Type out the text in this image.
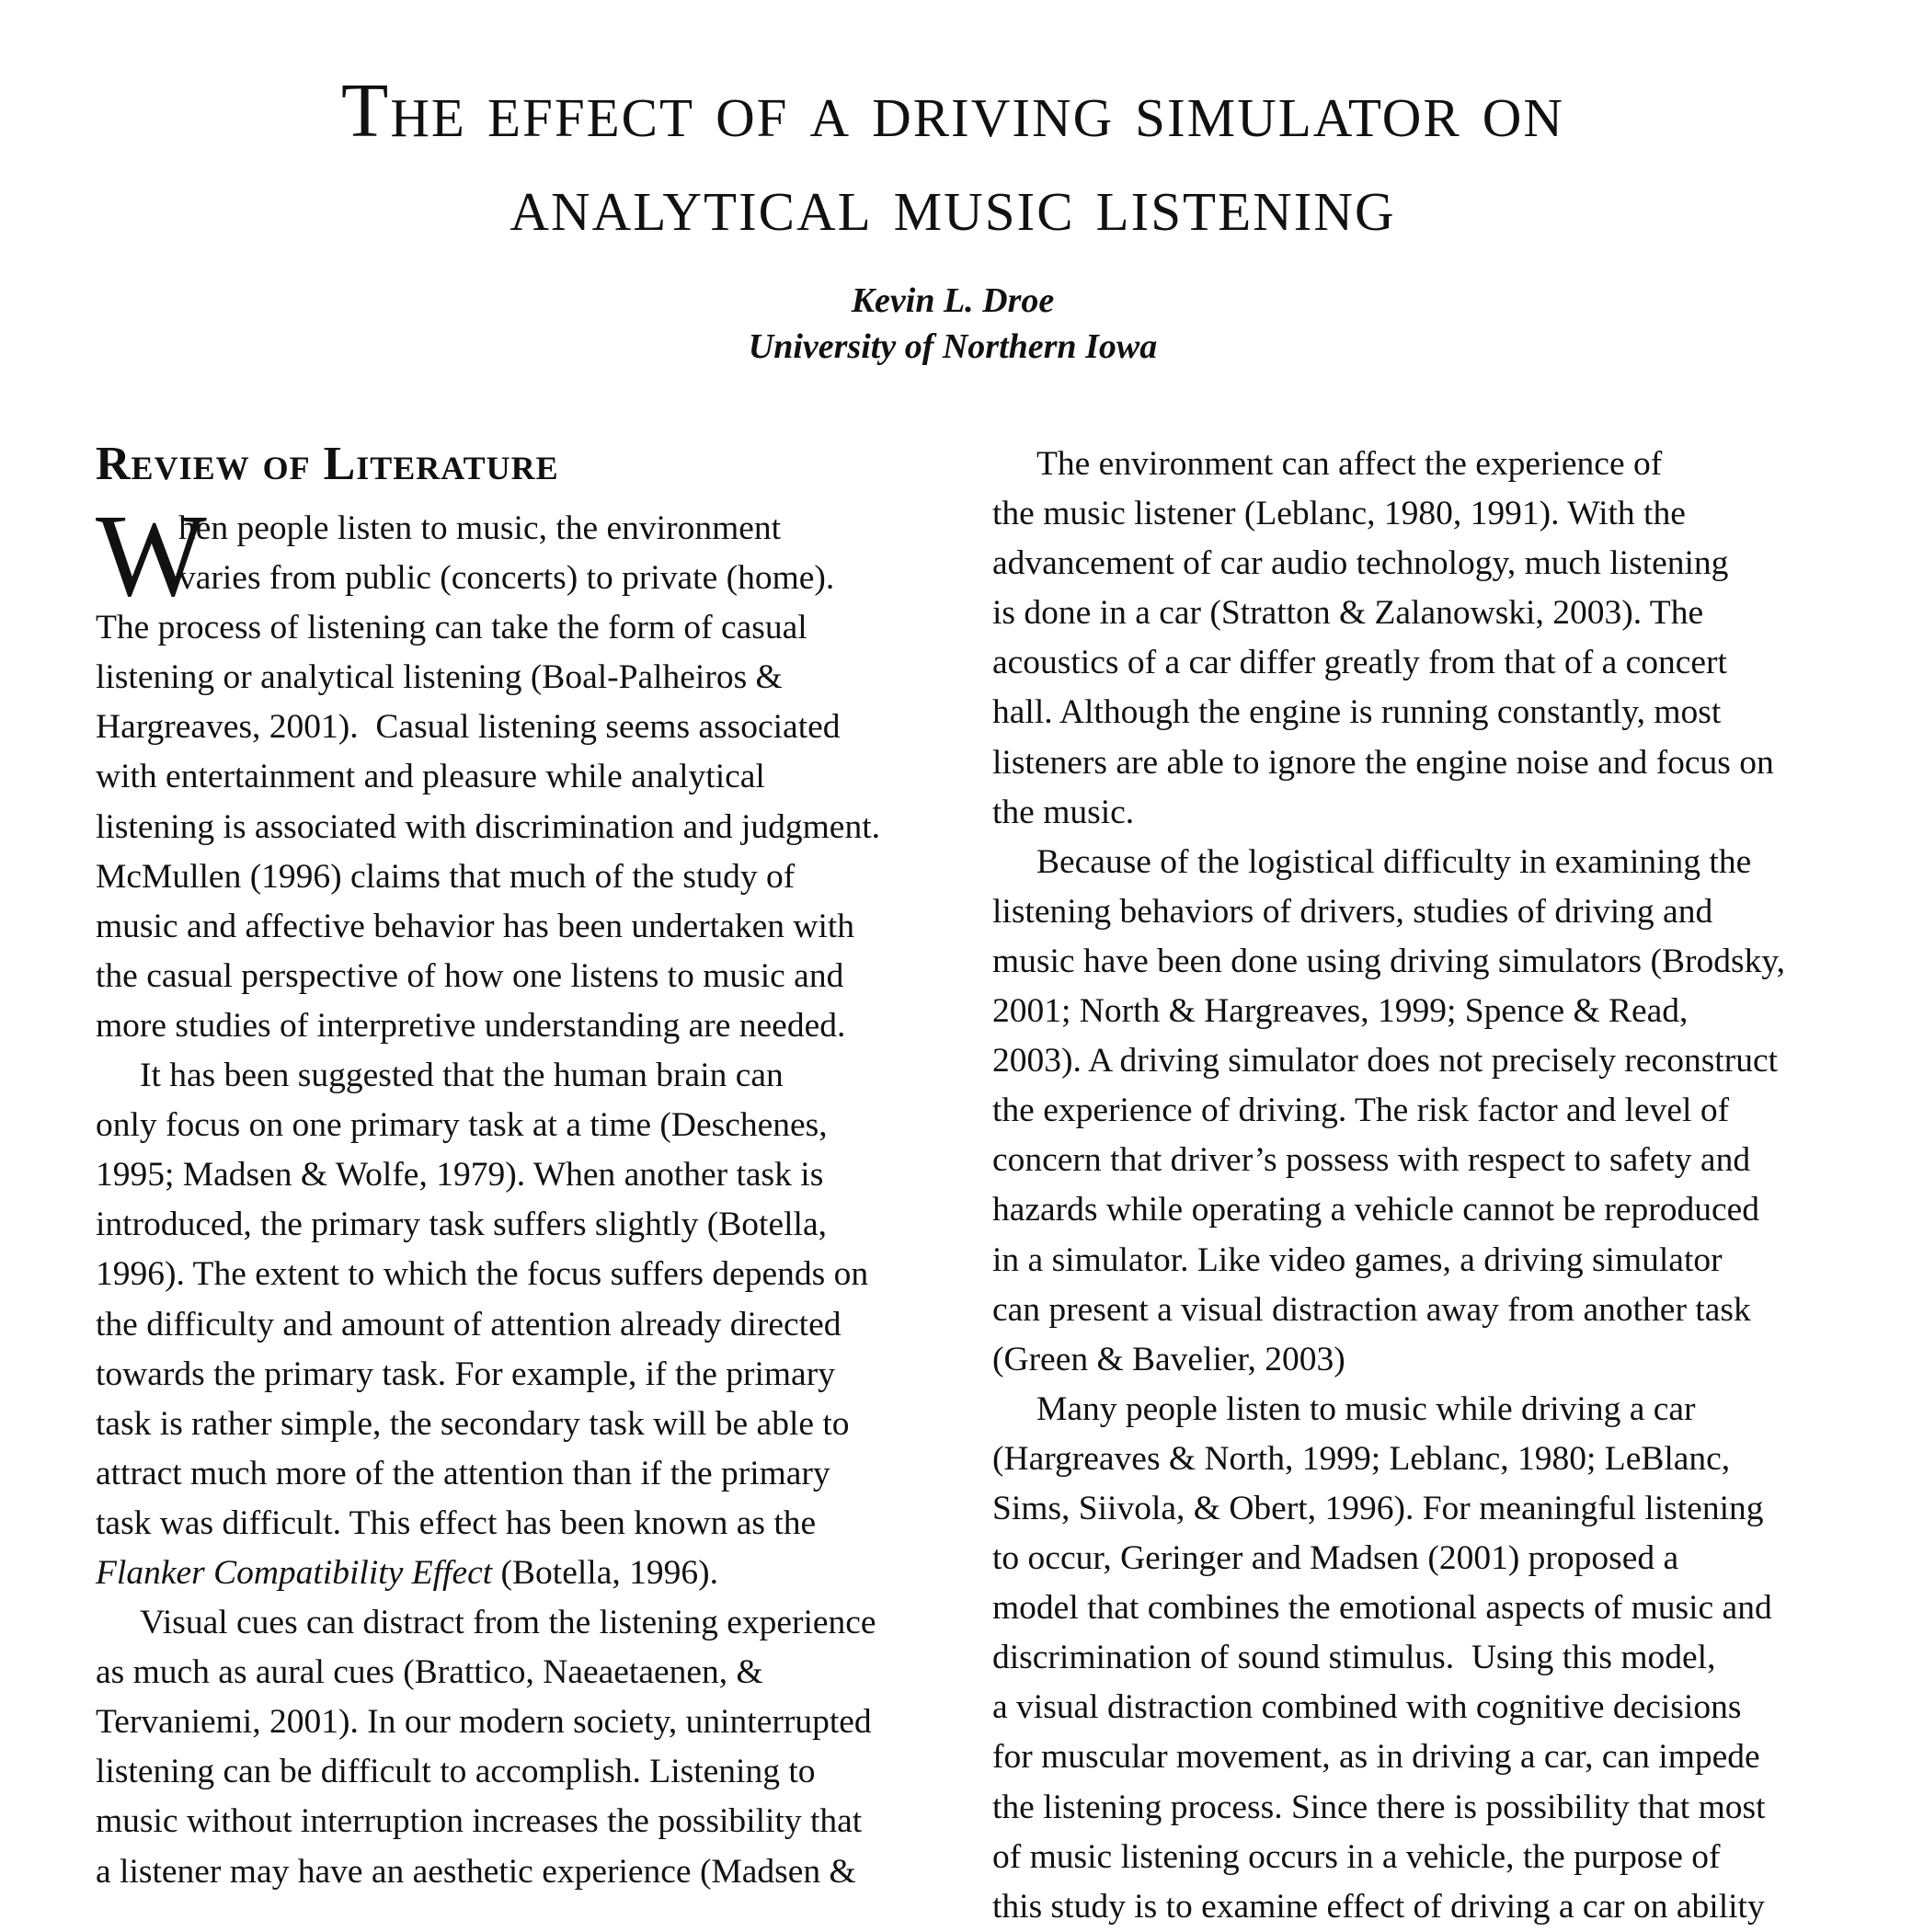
The effect of a driving simulator on
analytical music listening
Kevin L. Droe
University of Northern Iowa
Review of Literature
W
hen people listen to music, the environment
varies from public (concerts) to private (home).
The process of listening can take the form of casual
listening or analytical listening (Boal-Palheiros &
Hargreaves, 2001).  Casual listening seems associated
with entertainment and pleasure while analytical
listening is associated with discrimination and judgment.
McMullen (1996) claims that much of the study of
music and affective behavior has been undertaken with
the casual perspective of how one listens to music and
more studies of interpretive understanding are needed.
It has been suggested that the human brain can
only focus on one primary task at a time (Deschenes,
1995; Madsen & Wolfe, 1979). When another task is
introduced, the primary task suffers slightly (Botella,
1996). The extent to which the focus suffers depends on
the difficulty and amount of attention already directed
towards the primary task. For example, if the primary
task is rather simple, the secondary task will be able to
attract much more of the attention than if the primary
task was difficult. This effect has been known as the
Flanker Compatibility Effect (Botella, 1996).
Visual cues can distract from the listening experience
as much as aural cues (Brattico, Naeaetaenen, &
Tervaniemi, 2001). In our modern society, uninterrupted
listening can be difficult to accomplish. Listening to
music without interruption increases the possibility that
a listener may have an aesthetic experience (Madsen &
The environment can affect the experience of
the music listener (Leblanc, 1980, 1991). With the
advancement of car audio technology, much listening
is done in a car (Stratton & Zalanowski, 2003). The
acoustics of a car differ greatly from that of a concert
hall. Although the engine is running constantly, most
listeners are able to ignore the engine noise and focus on
the music.
Because of the logistical difficulty in examining the
listening behaviors of drivers, studies of driving and
music have been done using driving simulators (Brodsky,
2001; North & Hargreaves, 1999; Spence & Read,
2003). A driving simulator does not precisely reconstruct
the experience of driving. The risk factor and level of
concern that driver’s possess with respect to safety and
hazards while operating a vehicle cannot be reproduced
in a simulator. Like video games, a driving simulator
can present a visual distraction away from another task
(Green & Bavelier, 2003)
Many people listen to music while driving a car
(Hargreaves & North, 1999; Leblanc, 1980; LeBlanc,
Sims, Siivola, & Obert, 1996). For meaningful listening
to occur, Geringer and Madsen (2001) proposed a
model that combines the emotional aspects of music and
discrimination of sound stimulus.  Using this model,
a visual distraction combined with cognitive decisions
for muscular movement, as in driving a car, can impede
the listening process. Since there is possibility that most
of music listening occurs in a vehicle, the purpose of
this study is to examine effect of driving a car on ability
